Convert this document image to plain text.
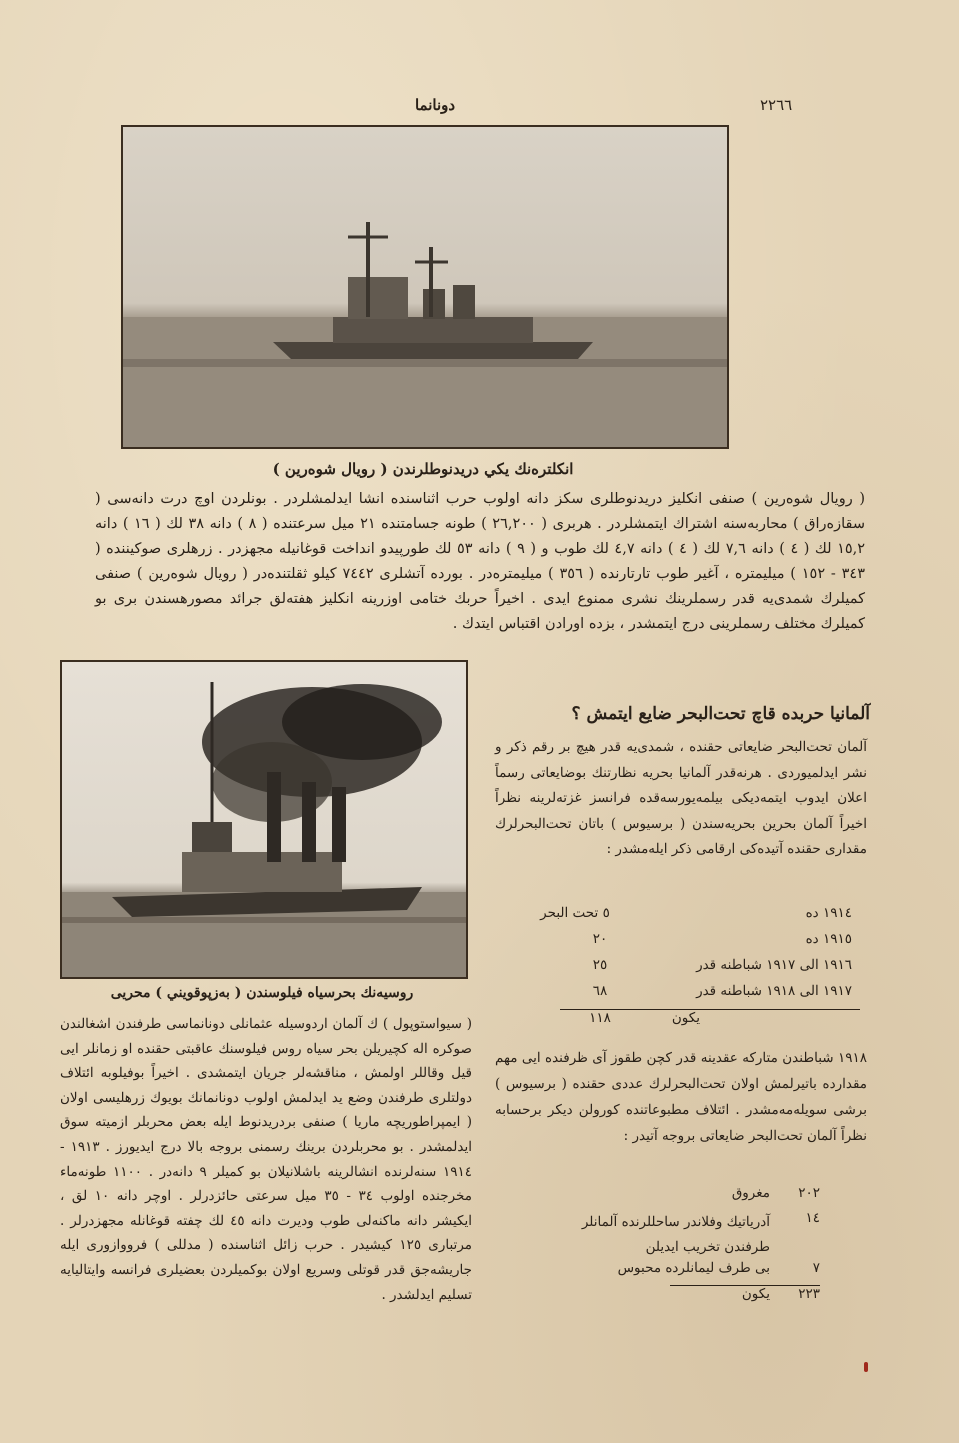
دونانما	٢٢٦٦
انكلتره‌نك يكي دريدنوطلرندن ( رويال شوه‌رين )
( رويال شوه‌رين ) صنفى انكليز دريدنوطلرى سكز دانه اولوب حرب اثناسنده انشا ايدلمشلردر . بونلردن اوچ درت دانه‌سى ( سقازه‌راق ) محاربه‌سنه اشتراك ايتمشلردر . هربرى ( ٢٦,٢٠٠ ) طونه جسامتنده ٢١ ميل سرعتنده ( ٨ ) دانه ٣٨ لك ( ١٦ ) دانه ١٥,٢ لك ( ٤ ) دانه ٧,٦ لك ( ٤ ) دانه ٤,٧ لك طوب و ( ٩ ) دانه ٥٣ لك طورپيدو انداخت قوغانيله مجهزدر . زرهلرى صوكيننده ( ٣٤٣ - ١٥٢ ) ميليمتره ، آغير طوب تارتارنده ( ٣٥٦ ) ميليمتره‌در . بورده آتشلرى ٧٤٤٢ كيلو ثقلتنده‌در ( رويال شوه‌رين ) صنفى كميلرك شمدى‌يه قدر رسملرينك نشرى ممنوع ايدى . اخيراً حربك ختامى اوزرينه انكليز هفته‌لق جرائد مصورهسندن برى بو كميلرك مختلف رسملرينى درج ايتمشدر ، بزده اورادن اقتباس ايتدك .
روسيه‌نك بحرسياه فيلوسندن ( بەزپوقويني ) محريى
( سيواستوپول ) ك آلمان اردوسيله عثمانلى دونانماسى طرفندن اشغالندن صوكره اله كچيريلن بحر سياه روس فيلوسنك عاقبتى حقنده او زمانلر ايى قيل وقاللر اولمش ، مناقشه‌لر جريان ايتمشدى . اخيراً بوفيلوبه ائتلاف دولتلرى طرفندن وضع يد ايدلمش اولوب دونانمانك بويوك زرهليسى اولان ( ايمپراطوريچه ماريا ) صنفى بردريدنوط ايله بعض محربلر ازميته سوق ايدلمشدر . بو محربلردن برينك رسمنى بروجه بالا درج ايديورز . ١٩١٣ - ١٩١٤ سنه‌لرنده انشالرينه باشلانيلان بو كميلر ٩ دانه‌در . ١١٠٠ طونه‌ماء مخرجنده اولوب ٣٤ - ٣٥ ميل سرعتى حائزدرلر . اوچر دانه ١٠ لق ، ايكيشر دانه ماكنه‌لى طوب وديرت دانه ٤٥ لك چفته قوغانله مجهزدرلر . مرتبارى ١٢٥ كيشيدر . حرب زائل اثناسنده ( مدللى ) فرووازورى ايله جاريشه‌جق قدر قوتلى وسريع اولان بوكميلردن بعضيلرى فرانسه وايتاليايه تسليم ايدلشدر .
آلمانيا حربده قاچ تحت‌البحر ضايع ايتمش ؟
آلمان تحت‌البحر ضايعاتى حقنده ، شمدى‌يه قدر هيچ بر رقم ذكر و نشر ايدلميوردى . هرنه‌قدر آلمانيا بحريه نظارتنك بوضايعاتى رسماً اعلان ايدوب ايتمه‌ديكى بيلمه‌يورسه‌قده فرانسز غزته‌لرينه نظراً اخيراً آلمان بحرين بحريه‌سندن ( برسيوس ) باتان تحت‌البحرلرك مقدارى حقنده آتيده‌كى ارقامى ذكر ايله‌مشدر :
١٩١٤ ده
٥ تحت البحر
١٩١٥ ده
٢٠
١٩١٦ الى ١٩١٧ شباطنه قدر
٢٥
١٩١٧ الى ١٩١٨ شباطنه قدر
٦٨
يكون
١١٨
١٩١٨ شباطندن متاركه عقدينه قدر كچن طقوز آى ظرفنده ايى مهم مقدارده باتيرلمش اولان تحت‌البحرلرك عددى حقنده ( برسيوس ) برشى سويله‌مه‌مشدر . ائتلاف مطبوعاتنده كورولن ديكر برحسابه نظراً آلمان تحت‌البحر ضايعاتى بروجه آتيدر :
٢٠٢
مغروق
١٤
آدرياتيك وفلاندر ساحللرنده آلمانلر طرفندن تخريب ايديلن
٧
بى طرف ليمانلرده محبوس
٢٢٣
يكون
